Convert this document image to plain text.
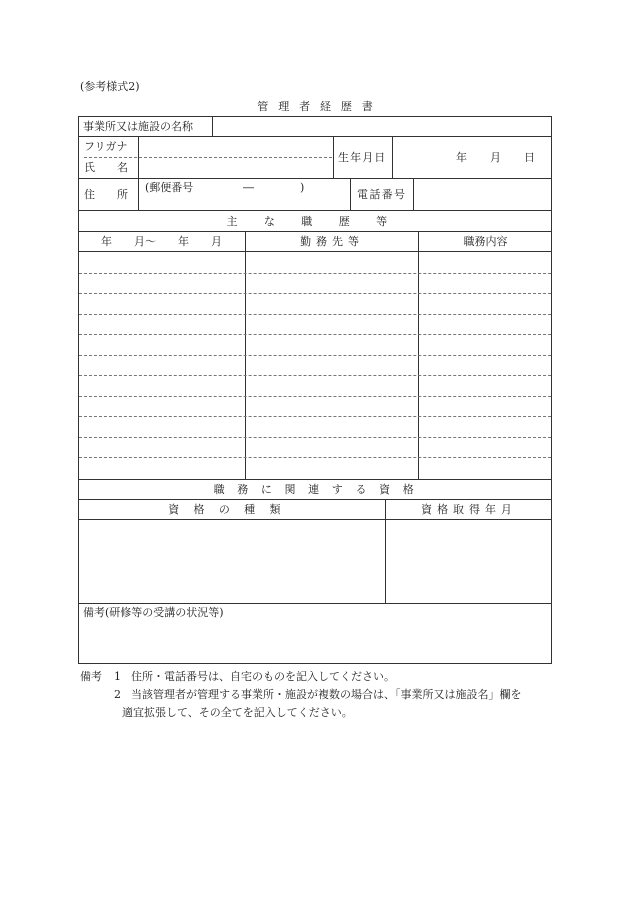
(参考様式2)
管理者経歴書
事業所又は施設の名称
フリガナ
氏　　名
生年月日	年 月 日
住　　所
(郵便番号	―	)
電話番号
主な職歴等
年　　月～　　年　　月	勤務先等	職務内容
職務に関連する資格
資格の種類	資格取得年月
備考(研修等の受講の状況等)
備考 1 住所・電話番号は、自宅のものを記入してください。
2 当該管理者が管理する事業所・施設が複数の場合は、「事業所又は施設名」欄を
適宜拡張して、その全てを記入してください。
